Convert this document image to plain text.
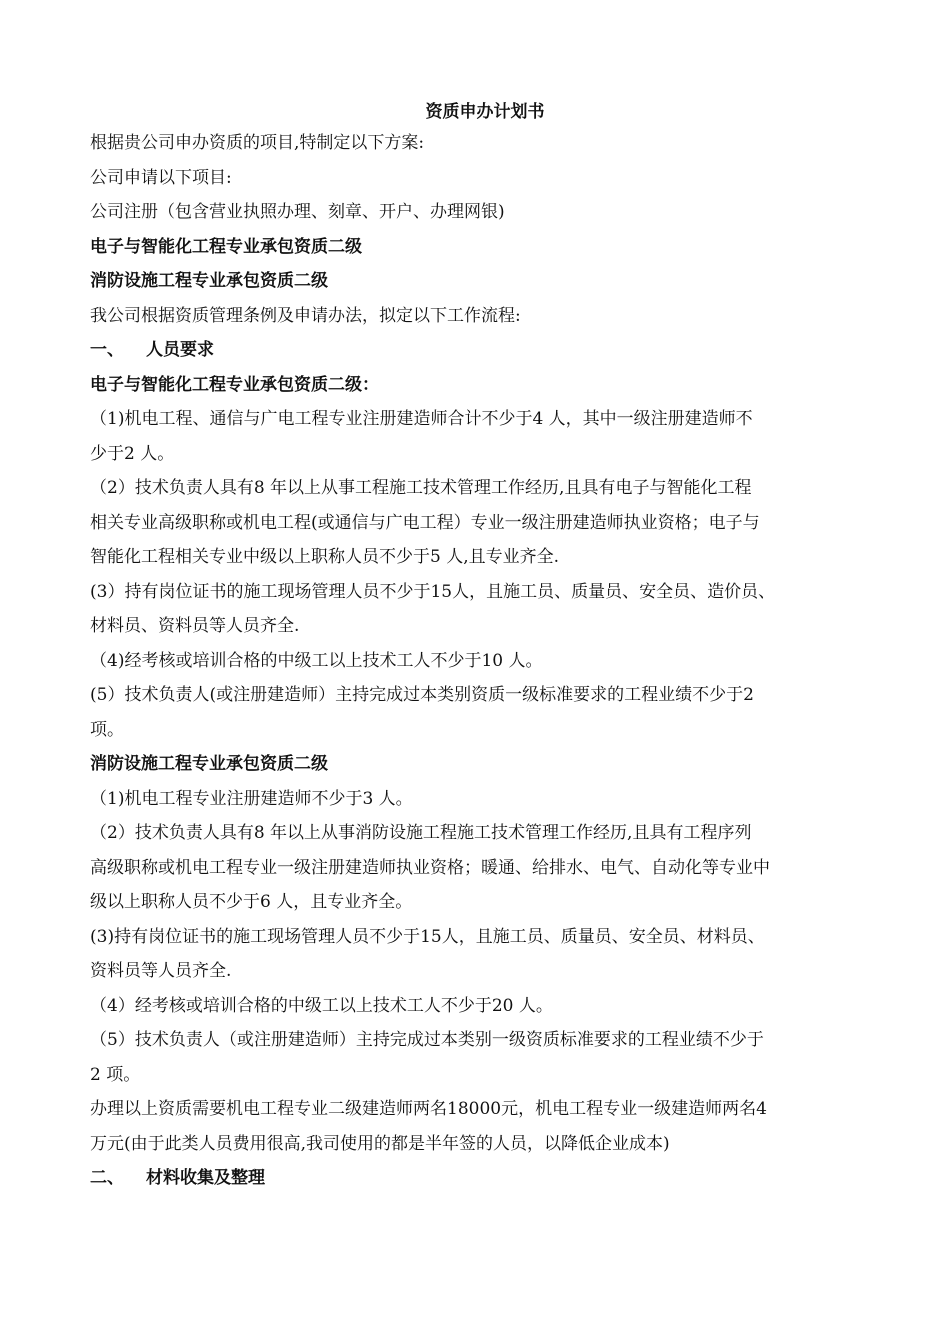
资质申办计划书
根据贵公司申办资质的项目,特制定以下方案:
公司申请以下项目:
公司注册（包含营业执照办理、刻章、开户、办理网银)
电子与智能化工程专业承包资质二级
消防设施工程专业承包资质二级
我公司根据资质管理条例及申请办法，拟定以下工作流程:
一、 人员要求
电子与智能化工程专业承包资质二级：
（1)机电工程、通信与广电工程专业注册建造师合计不少于4 人，其中一级注册建造师不
少于2 人。
（2）技术负责人具有8 年以上从事工程施工技术管理工作经历,且具有电子与智能化工程
相关专业高级职称或机电工程(或通信与广电工程）专业一级注册建造师执业资格；电子与
智能化工程相关专业中级以上职称人员不少于5 人,且专业齐全.
(3）持有岗位证书的施工现场管理人员不少于15人，且施工员、质量员、安全员、造价员、
材料员、资料员等人员齐全.
（4)经考核或培训合格的中级工以上技术工人不少于10 人。
(5）技术负责人(或注册建造师）主持完成过本类别资质一级标准要求的工程业绩不少于2
项。
消防设施工程专业承包资质二级
（1)机电工程专业注册建造师不少于3 人。
（2）技术负责人具有8 年以上从事消防设施工程施工技术管理工作经历,且具有工程序列
高级职称或机电工程专业一级注册建造师执业资格；暖通、给排水、电气、自动化等专业中
级以上职称人员不少于6 人，且专业齐全。
(3)持有岗位证书的施工现场管理人员不少于15人，且施工员、质量员、安全员、材料员、
资料员等人员齐全.
（4）经考核或培训合格的中级工以上技术工人不少于20 人。
（5）技术负责人（或注册建造师）主持完成过本类别一级资质标准要求的工程业绩不少于
2 项。
办理以上资质需要机电工程专业二级建造师两名18000元，机电工程专业一级建造师两名4
万元(由于此类人员费用很高,我司使用的都是半年签的人员，以降低企业成本)
二、 材料收集及整理
